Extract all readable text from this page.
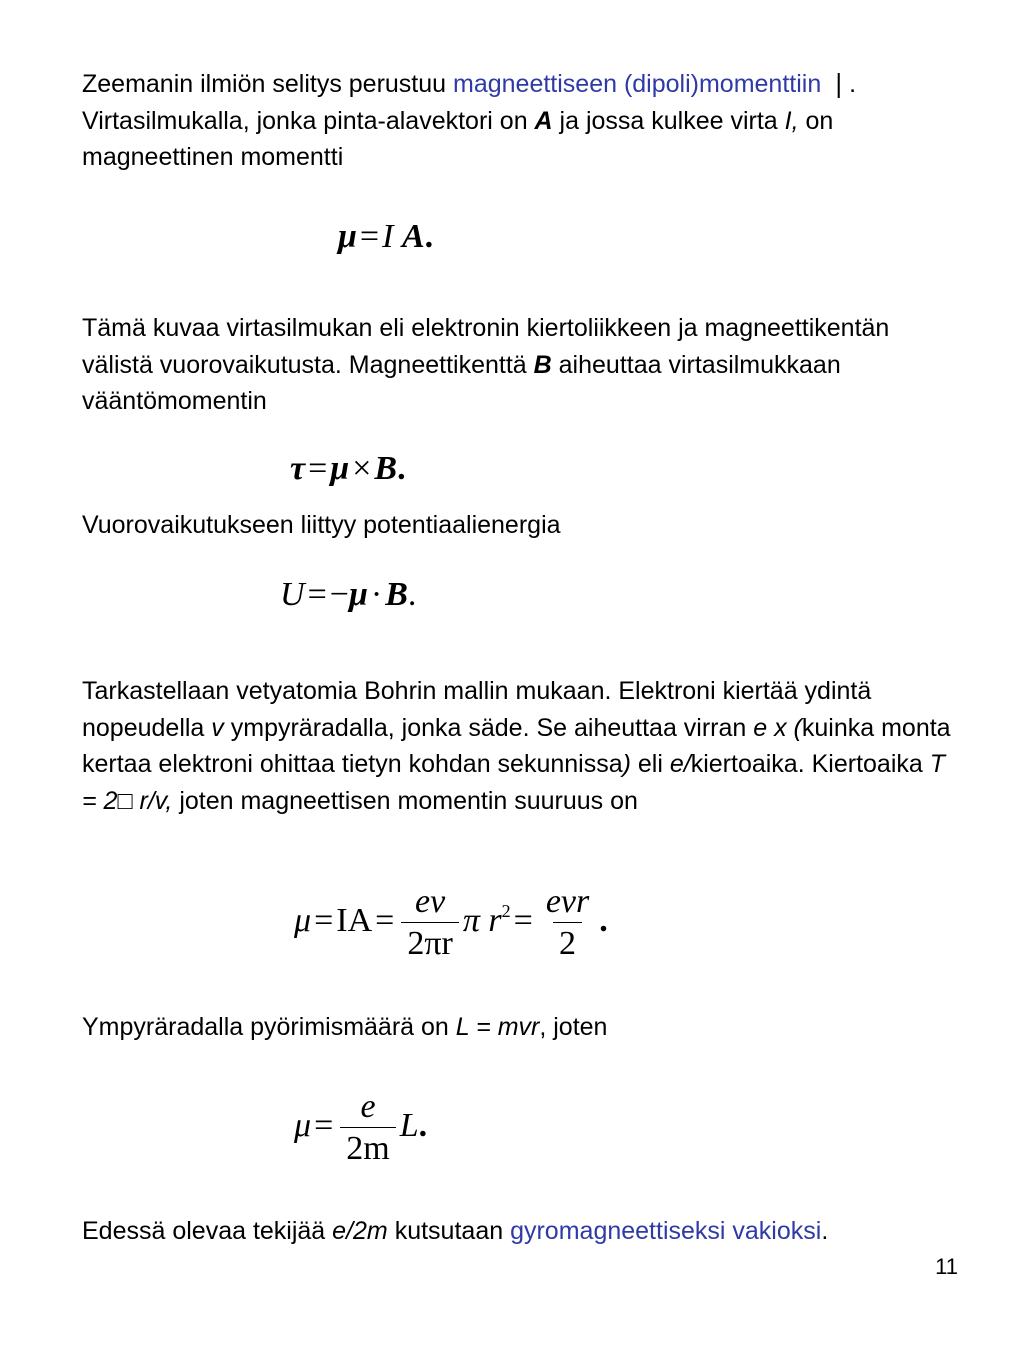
Zeemanin ilmiön selitys perustuu magneettiseen (dipoli)momenttiin ❘. Virtasilmukalla, jonka pinta-alavektori on A ja jossa kulkee virta I, on magneettinen momentti

μ=I A.

Tämä kuvaa virtasilmukan eli elektronin kiertoliikkeen ja magneettikentän välistä vuorovaikutusta. Magneettikenttä B aiheuttaa virtasilmukkaan vääntömomentin

τ=μ×B.

Vuorovaikutukseen liittyy potentiaalienergia

U=−μ·B.

Tarkastellaan vetyatomia Bohrin mallin mukaan. Elektroni kiertää ydintä nopeudella v ympyräradalla, jonka säde. Se aiheuttaa virran e x (kuinka monta kertaa elektroni ohittaa tietyn kohdan sekunnissa) eli e/kiertoaika. Kiertoaika T = 2□ r/v, joten magneettisen momentin suuruus on

$\mu=IA= \frac{ev}{2\pi r}$ π $r^2= \frac{\text{evr}}{2}$ .

Ympyräradalla pyörimismäärä on L = mvr, joten

$\mu= \frac{e}{2m} L$.

Edessä olevaa tekijää e/2m kutsutaan gyromagneettiseksi vakioksi.

11
